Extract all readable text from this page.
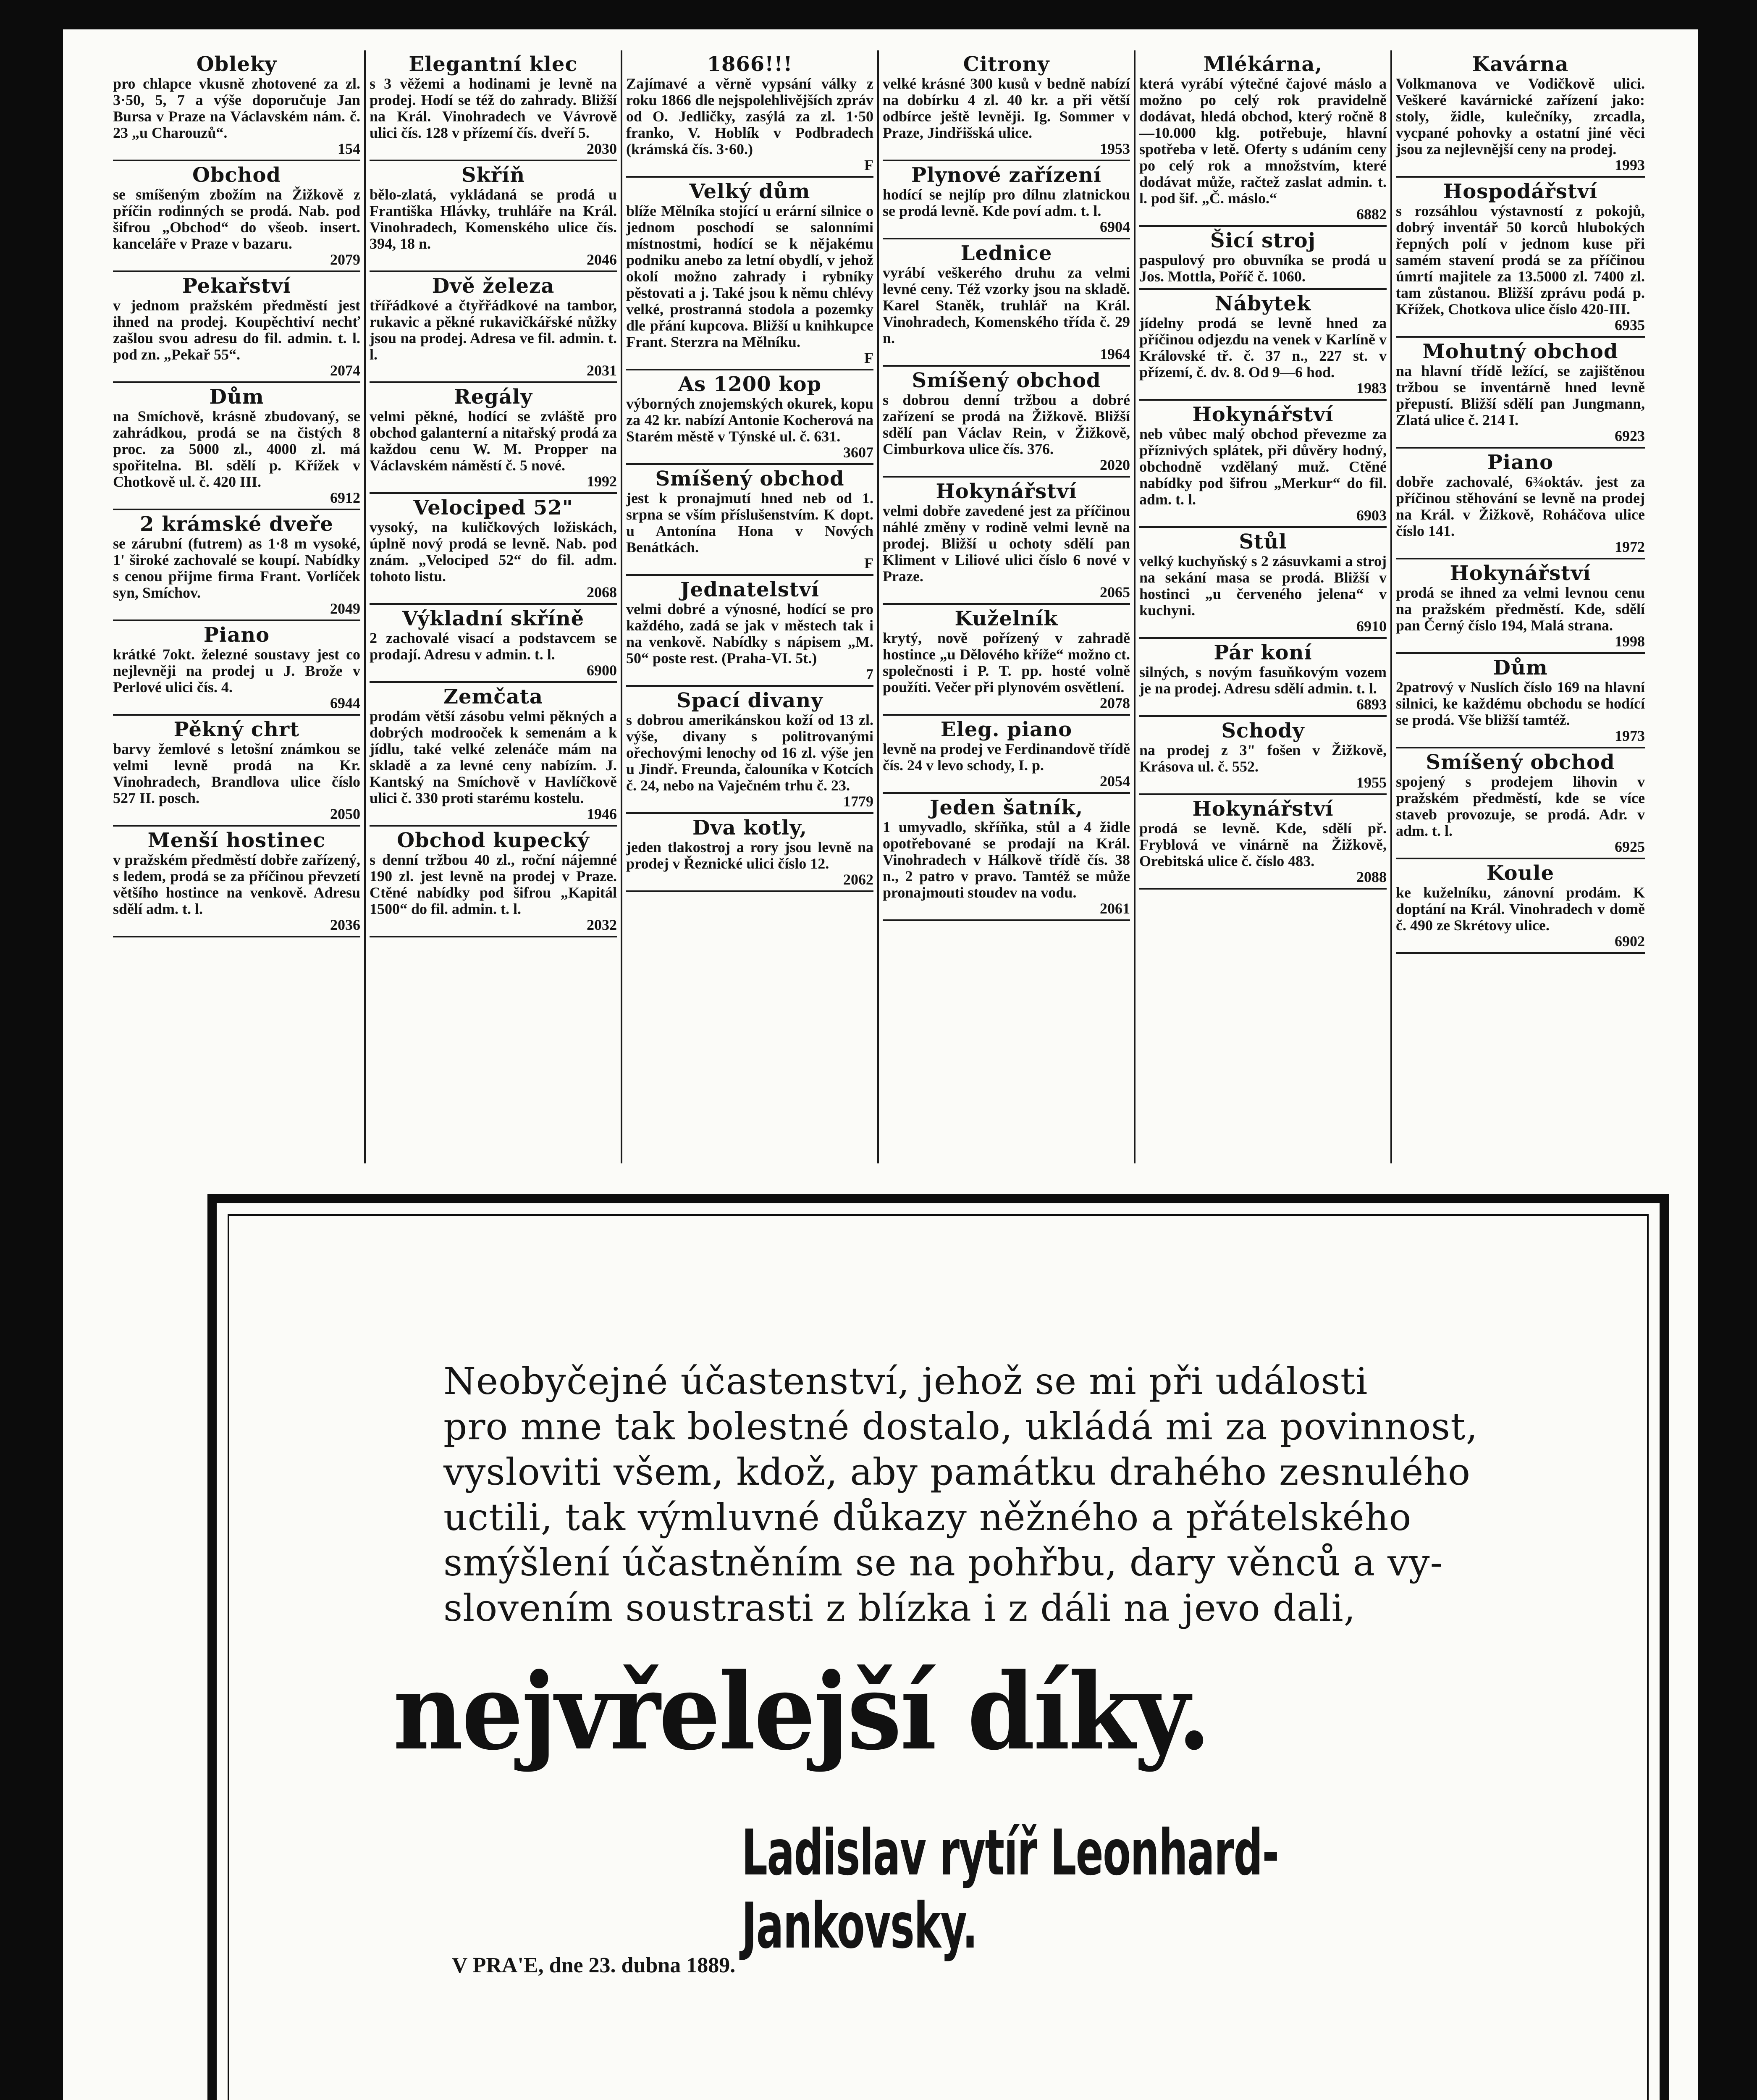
Obleky
pro chlapce vkusně zhotovené za zl. 3·50, 5, 7 a výše doporučuje Jan Bursa v Praze na Václavském nám. č. 23 „u Charouzů“.
154
Obchod
se smíšeným zbožím na Žižkově z příčin rodinných se prodá. Nab. pod šifrou „Obchod“ do všeob. insert. kanceláře v Praze v bazaru.
2079
Pekařství
v jednom pražském předměstí jest ihned na prodej. Koupěchtiví nechť zašlou svou adresu do fil. admin. t. l. pod zn. „Pekař 55“.
2074
Dům
na Smíchově, krásně zbudovaný, se zahrádkou, prodá se na čistých 8 proc. za 5000 zl., 4000 zl. má spořitelna. Bl. sdělí p. Křížek v Chotkově ul. č. 420 III.
6912
2 krámské dveře
se zárubní (futrem) as 1·8 m vysoké, 1' široké zachovalé se koupí. Nabídky s cenou přijme firma Frant. Vorlíček syn, Smíchov.
2049
Piano
krátké 7okt. železné soustavy jest co nejlevněji na prodej u J. Brože v Perlové ulici čís. 4.
6944
Pěkný chrt
barvy žemlové s letošní známkou se velmi levně prodá na Kr. Vinohradech, Brandlova ulice číslo 527 II. posch.
2050
Menší hostinec
v pražském předměstí dobře zařízený, s ledem, prodá se za příčinou převzetí většího hostince na venkově. Adresu sdělí adm. t. l.
2036
Elegantní klec
s 3 věžemi a hodinami je levně na prodej. Hodí se též do zahrady. Bližší na Král. Vinohradech ve Vávrově ulici čís. 128 v přízemí čís. dveří 5.
2030
Skříň
bělo-zlatá, vykládaná se prodá u Františka Hlávky, truhláře na Král. Vinohradech, Komenského ulice čís. 394, 18 n.
2046
Dvě železa
třířádkové a čtyřřádkové na tambor, rukavic a pěkné rukavičkářské nůžky jsou na prodej. Adresa ve fil. admin. t. l.
2031
Regály
velmi pěkné, hodící se zvláště pro obchod galanterní a nitařský prodá za každou cenu W. M. Propper na Václavském náměstí č. 5 nové.
1992
Velociped 52"
vysoký, na kuličkových ložiskách, úplně nový prodá se levně. Nab. pod znám. „Velociped 52“ do fil. adm. tohoto listu.
2068
Výkladní skříně
2 zachovalé visací a podstavcem se prodají. Adresu v admin. t. l.
6900
Zemčata
prodám větší zásobu velmi pěkných a dobrých modrooček k semenám a k jídlu, také velké zelenáče mám na skladě a za levné ceny nabízím. J. Kantský na Smíchově v Havlíčkově ulici č. 330 proti starému kostelu.
1946
Obchod kupecký
s denní tržbou 40 zl., roční nájemné 190 zl. jest levně na prodej v Praze. Ctěné nabídky pod šifrou „Kapitál 1500“ do fil. admin. t. l.
2032
1866!!!
Zajímavé a věrně vypsání války z roku 1866 dle nejspolehlivějších zpráv od O. Jedličky, zasýlá za zl. 1·50 franko, V. Hoblík v Podbradech (krámská čís. 3·60.)
F
Velký dům
blíže Mělníka stojící u erární silnice o jednom poschodí se salonními místnostmi, hodící se k nějakému podniku anebo za letní obydlí, v jehož okolí možno zahrady i rybníky pěstovati a j. Také jsou k němu chlévy velké, prostranná stodola a pozemky dle přání kupcova. Bližší u knihkupce Frant. Sterzra na Mělníku.
F
As 1200 kop
výborných znojemských okurek, kopu za 42 kr. nabízí Antonie Kocherová na Starém městě v Týnské ul. č. 631.
3607
Smíšený obchod
jest k pronajmutí hned neb od 1. srpna se vším příslušenstvím. K dopt. u Antonína Hona v Nových Benátkách.
F
Jednatelství
velmi dobré a výnosné, hodící se pro každého, zadá se jak v městech tak i na venkově. Nabídky s nápisem „M. 50“ poste rest. (Praha-VI. 5t.)
7
Spací divany
s dobrou amerikánskou koží od 13 zl. výše, divany s politrovanými ořechovými lenochy od 16 zl. výše jen u Jindř. Freunda, čalouníka v Kotcích č. 24, nebo na Vaječném trhu č. 23.
1779
Dva kotly,
jeden tlakostroj a rory jsou levně na prodej v Řeznické ulici číslo 12.
2062
Citrony
velké krásné 300 kusů v bedně nabízí na dobírku 4 zl. 40 kr. a při větší odbírce ještě levněji. Ig. Sommer v Praze, Jindřišská ulice.
1953
Plynové zařízení
hodící se nejlíp pro dílnu zlatnickou se prodá levně. Kde poví adm. t. l.
6904
Lednice
vyrábí veškerého druhu za velmi levné ceny. Též vzorky jsou na skladě. Karel Staněk, truhlář na Král. Vinohradech, Komenského třída č. 29 n.
1964
Smíšený obchod
s dobrou denní tržbou a dobré zařízení se prodá na Žižkově. Bližší sdělí pan Václav Rein, v Žižkově, Cimburkova ulice čís. 376.
2020
Hokynářství
velmi dobře zavedené jest za příčinou náhlé změny v rodině velmi levně na prodej. Bližší u ochoty sdělí pan Kliment v Liliové ulici číslo 6 nové v Praze.
2065
Kuželník
krytý, nově pořízený v zahradě hostince „u Dělového kříže“ možno ct. společnosti i P. T. pp. hosté volně použíti. Večer při plynovém osvětlení.
2078
Eleg. piano
levně na prodej ve Ferdinandově třídě čís. 24 v levo schody, I. p.
2054
Jeden šatník,
1 umyvadlo, skříňka, stůl a 4 židle opotřebované se prodají na Král. Vinohradech v Hálkově třídě čís. 38 n., 2 patro v pravo. Tamtéž se může pronajmouti stoudev na vodu.
2061
Mlékárna,
která vyrábí výtečné čajové máslo a možno po celý rok pravidelně dodávat, hledá obchod, který ročně 8—10.000 klg. potřebuje, hlavní spotřeba v letě. Oferty s udáním ceny po celý rok a množstvím, které dodávat může, račtež zaslat admin. t. l. pod šif. „Č. máslo.“
6882
Šicí stroj
paspulový pro obuvníka se prodá u Jos. Mottla, Poříč č. 1060.
Nábytek
jídelny prodá se levně hned za příčinou odjezdu na venek v Karlíně v Královské tř. č. 37 n., 227 st. v přízemí, č. dv. 8. Od 9—6 hod.
1983
Hokynářství
neb vůbec malý obchod převezme za příznivých splátek, při důvěry hodný, obchodně vzdělaný muž. Ctěné nabídky pod šifrou „Merkur“ do fil. adm. t. l.
6903
Stůl
velký kuchyňský s 2 zásuvkami a stroj na sekání masa se prodá. Bližší v hostinci „u červeného jelena“ v kuchyni.
6910
Pár koní
silných, s novým fasuňkovým vozem je na prodej. Adresu sdělí admin. t. l.
6893
Schody
na prodej z 3" fošen v Žižkově, Krásova ul. č. 552.
1955
Hokynářství
prodá se levně. Kde, sdělí př. Fryblová ve vinárně na Žižkově, Orebitská ulice č. číslo 483.
2088
Kavárna
Volkmanova ve Vodičkově ulici. Veškeré kavárnické zařízení jako: stoly, židle, kulečníky, zrcadla, vycpané pohovky a ostatní jiné věci jsou za nejlevnější ceny na prodej.
1993
Hospodářství
s rozsáhlou výstavností z pokojů, dobrý inventář 50 korců hlubokých řepných polí v jednom kuse při samém stavení prodá se za příčinou úmrtí majitele za 13.5000 zl. 7400 zl. tam zůstanou. Bližší zprávu podá p. Křížek, Chotkova ulice číslo 420-III.
6935
Mohutný obchod
na hlavní třídě ležící, se zajištěnou tržbou se inventárně hned levně přepustí. Bližší sdělí pan Jungmann, Zlatá ulice č. 214 I.
6923
Piano
dobře zachovalé, 6¾oktáv. jest za příčinou stěhování se levně na prodej na Král. v Žižkově, Roháčova ulice číslo 141.
1972
Hokynářství
prodá se ihned za velmi levnou cenu na pražském předměstí. Kde, sdělí pan Černý číslo 194, Malá strana.
1998
Dům
2patrový v Nuslích číslo 169 na hlavní silnici, ke každému obchodu se hodící se prodá. Vše bližší tamtéž.
1973
Smíšený obchod
spojený s prodejem lihovin v pražském předměstí, kde se více staveb provozuje, se prodá. Adr. v adm. t. l.
6925
Koule
ke kuželníku, zánovní prodám. K doptání na Král. Vinohradech v domě č. 490 ze Skrétovy ulice.
6902
Neobyčejné účastenství, jehož se mi při události
pro mne tak bolestné dostalo, ukládá mi za povinnost,
vysloviti všem, kdož, aby památku drahého zesnulého
uctili, tak výmluvné důkazy něžného a přátelského
smýšlení účastněním se na pohřbu, dary věnců a vy-
slovením soustrasti z blízka i z dáli na jevo dali,
nejvřelejší díky.
Ladislav rytíř Leonhard-Jankovsky.
V PRA'E, dne 23. dubna 1889.
